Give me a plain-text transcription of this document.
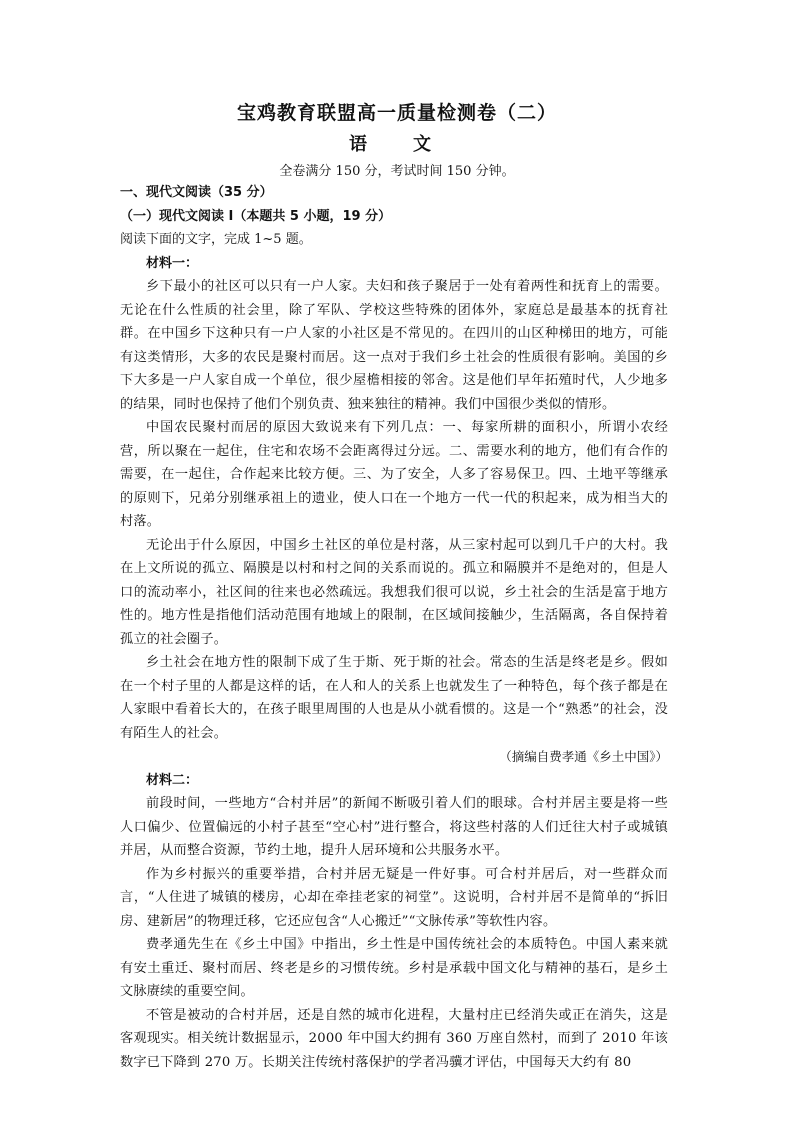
宝鸡教育联盟高一质量检测卷（二）
语　文
全卷满分 150 分，考试时间 150 分钟。
一、现代文阅读（35 分）
（一）现代文阅读 I（本题共 5 小题，19 分）
阅读下面的文字，完成 1~5 题。
材料一：
乡下最小的社区可以只有一户人家。夫妇和孩子聚居于一处有着两性和抚育上的需要。无论在什么性质的社会里，除了军队、学校这些特殊的团体外，家庭总是最基本的抚育社群。在中国乡下这种只有一户人家的小社区是不常见的。在四川的山区种梯田的地方，可能有这类情形，大多的农民是聚村而居。这一点对于我们乡土社会的性质很有影响。美国的乡下大多是一户人家自成一个单位，很少屋檐相接的邻舍。这是他们早年拓殖时代，人少地多的结果，同时也保持了他们个别负责、独来独往的精神。我们中国很少类似的情形。
中国农民聚村而居的原因大致说来有下列几点：一、每家所耕的面积小，所谓小农经营，所以聚在一起住，住宅和农场不会距离得过分远。二、需要水利的地方，他们有合作的需要，在一起住，合作起来比较方便。三、为了安全，人多了容易保卫。四、土地平等继承的原则下，兄弟分别继承祖上的遗业，使人口在一个地方一代一代的积起来，成为相当大的村落。
无论出于什么原因，中国乡土社区的单位是村落，从三家村起可以到几千户的大村。我在上文所说的孤立、隔膜是以村和村之间的关系而说的。孤立和隔膜并不是绝对的，但是人口的流动率小，社区间的往来也必然疏远。我想我们很可以说，乡土社会的生活是富于地方性的。地方性是指他们活动范围有地域上的限制，在区域间接触少，生活隔离，各自保持着孤立的社会圈子。
乡土社会在地方性的限制下成了生于斯、死于斯的社会。常态的生活是终老是乡。假如在一个村子里的人都是这样的话，在人和人的关系上也就发生了一种特色，每个孩子都是在人家眼中看着长大的，在孩子眼里周围的人也是从小就看惯的。这是一个“熟悉”的社会，没有陌生人的社会。
（摘编自费孝通《乡土中国》）
材料二：
前段时间，一些地方“合村并居”的新闻不断吸引着人们的眼球。合村并居主要是将一些人口偏少、位置偏远的小村子甚至“空心村”进行整合，将这些村落的人们迁往大村子或城镇并居，从而整合资源，节约土地，提升人居环境和公共服务水平。
作为乡村振兴的重要举措，合村并居无疑是一件好事。可合村并居后，对一些群众而言，“人住进了城镇的楼房，心却在牵挂老家的祠堂”。这说明，合村并居不是简单的“拆旧房、建新居”的物理迁移，它还应包含“人心搬迁”“文脉传承”等软性内容。
费孝通先生在《乡土中国》中指出，乡土性是中国传统社会的本质特色。中国人素来就有安土重迁、聚村而居、终老是乡的习惯传统。乡村是承载中国文化与精神的基石，是乡土文脉赓续的重要空间。
不管是被动的合村并居，还是自然的城市化进程，大量村庄已经消失或正在消失，这是客观现实。相关统计数据显示，2000 年中国大约拥有 360 万座自然村，而到了 2010 年该数字已下降到 270 万。长期关注传统村落保护的学者冯骥才评估，中国每天大约有 80
